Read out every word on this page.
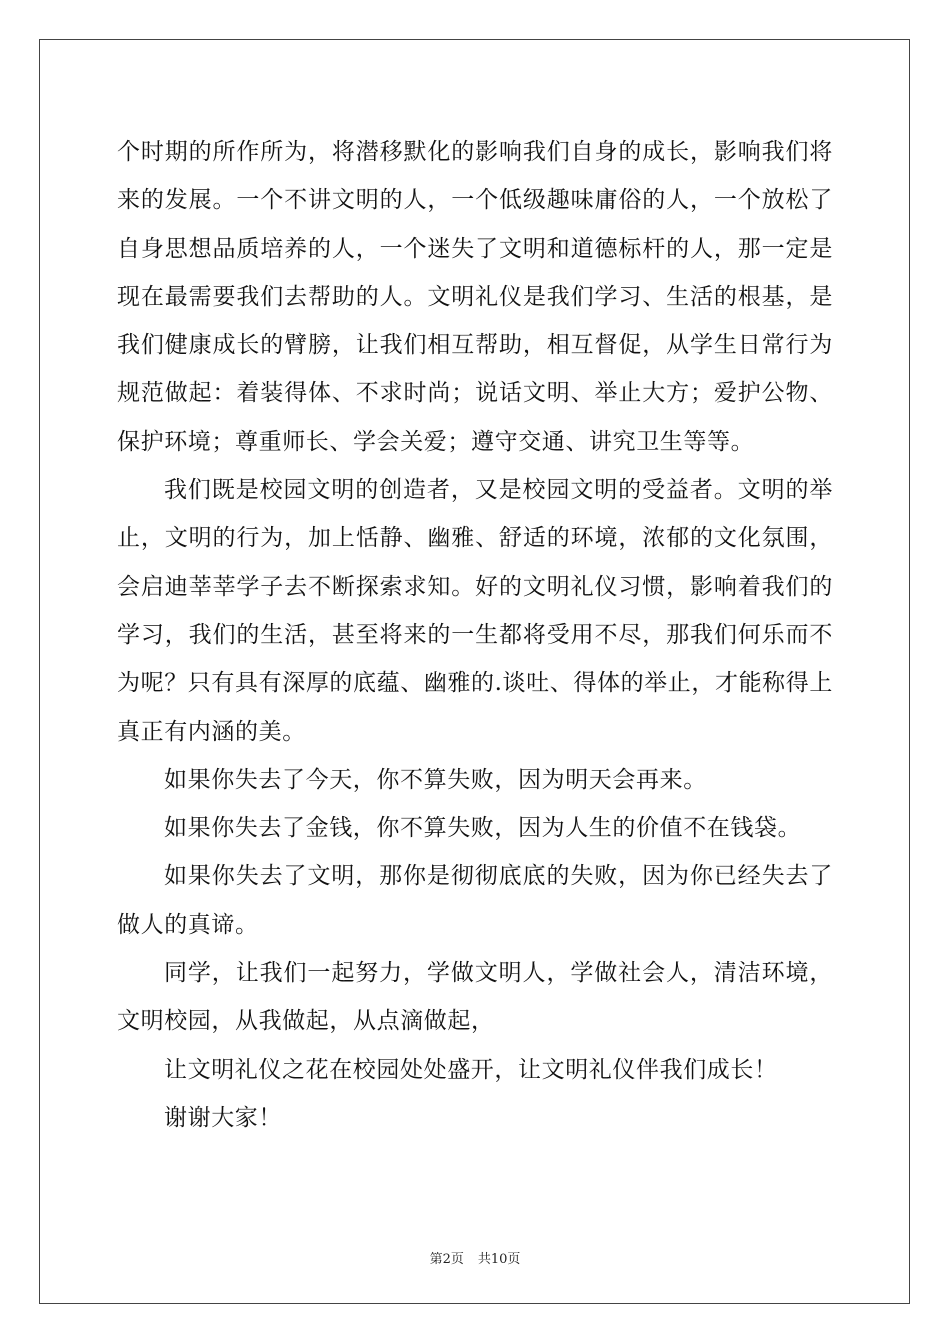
个时期的所作所为，将潜移默化的影响我们自身的成长，影响我们将来的发展。一个不讲文明的人，一个低级趣味庸俗的人，一个放松了自身思想品质培养的人，一个迷失了文明和道德标杆的人，那一定是现在最需要我们去帮助的人。文明礼仪是我们学习、生活的根基，是我们健康成长的臂膀，让我们相互帮助，相互督促，从学生日常行为规范做起：着装得体、不求时尚；说话文明、举止大方；爱护公物、保护环境；尊重师长、学会关爱；遵守交通、讲究卫生等等。

我们既是校园文明的创造者，又是校园文明的受益者。文明的举止，文明的行为，加上恬静、幽雅、舒适的环境，浓郁的文化氛围，会启迪莘莘学子去不断探索求知。好的文明礼仪习惯，影响着我们的学习，我们的生活，甚至将来的一生都将受用不尽，那我们何乐而不为呢？只有具有深厚的底蕴、幽雅的.谈吐、得体的举止，才能称得上真正有内涵的美。

如果你失去了今天，你不算失败，因为明天会再来。

如果你失去了金钱，你不算失败，因为人生的价值不在钱袋。

如果你失去了文明，那你是彻彻底底的失败，因为你已经失去了做人的真谛。

同学，让我们一起努力，学做文明人，学做社会人，清洁环境，文明校园，从我做起，从点滴做起，

让文明礼仪之花在校园处处盛开，让文明礼仪伴我们成长！

谢谢大家！

第2页 共10页
